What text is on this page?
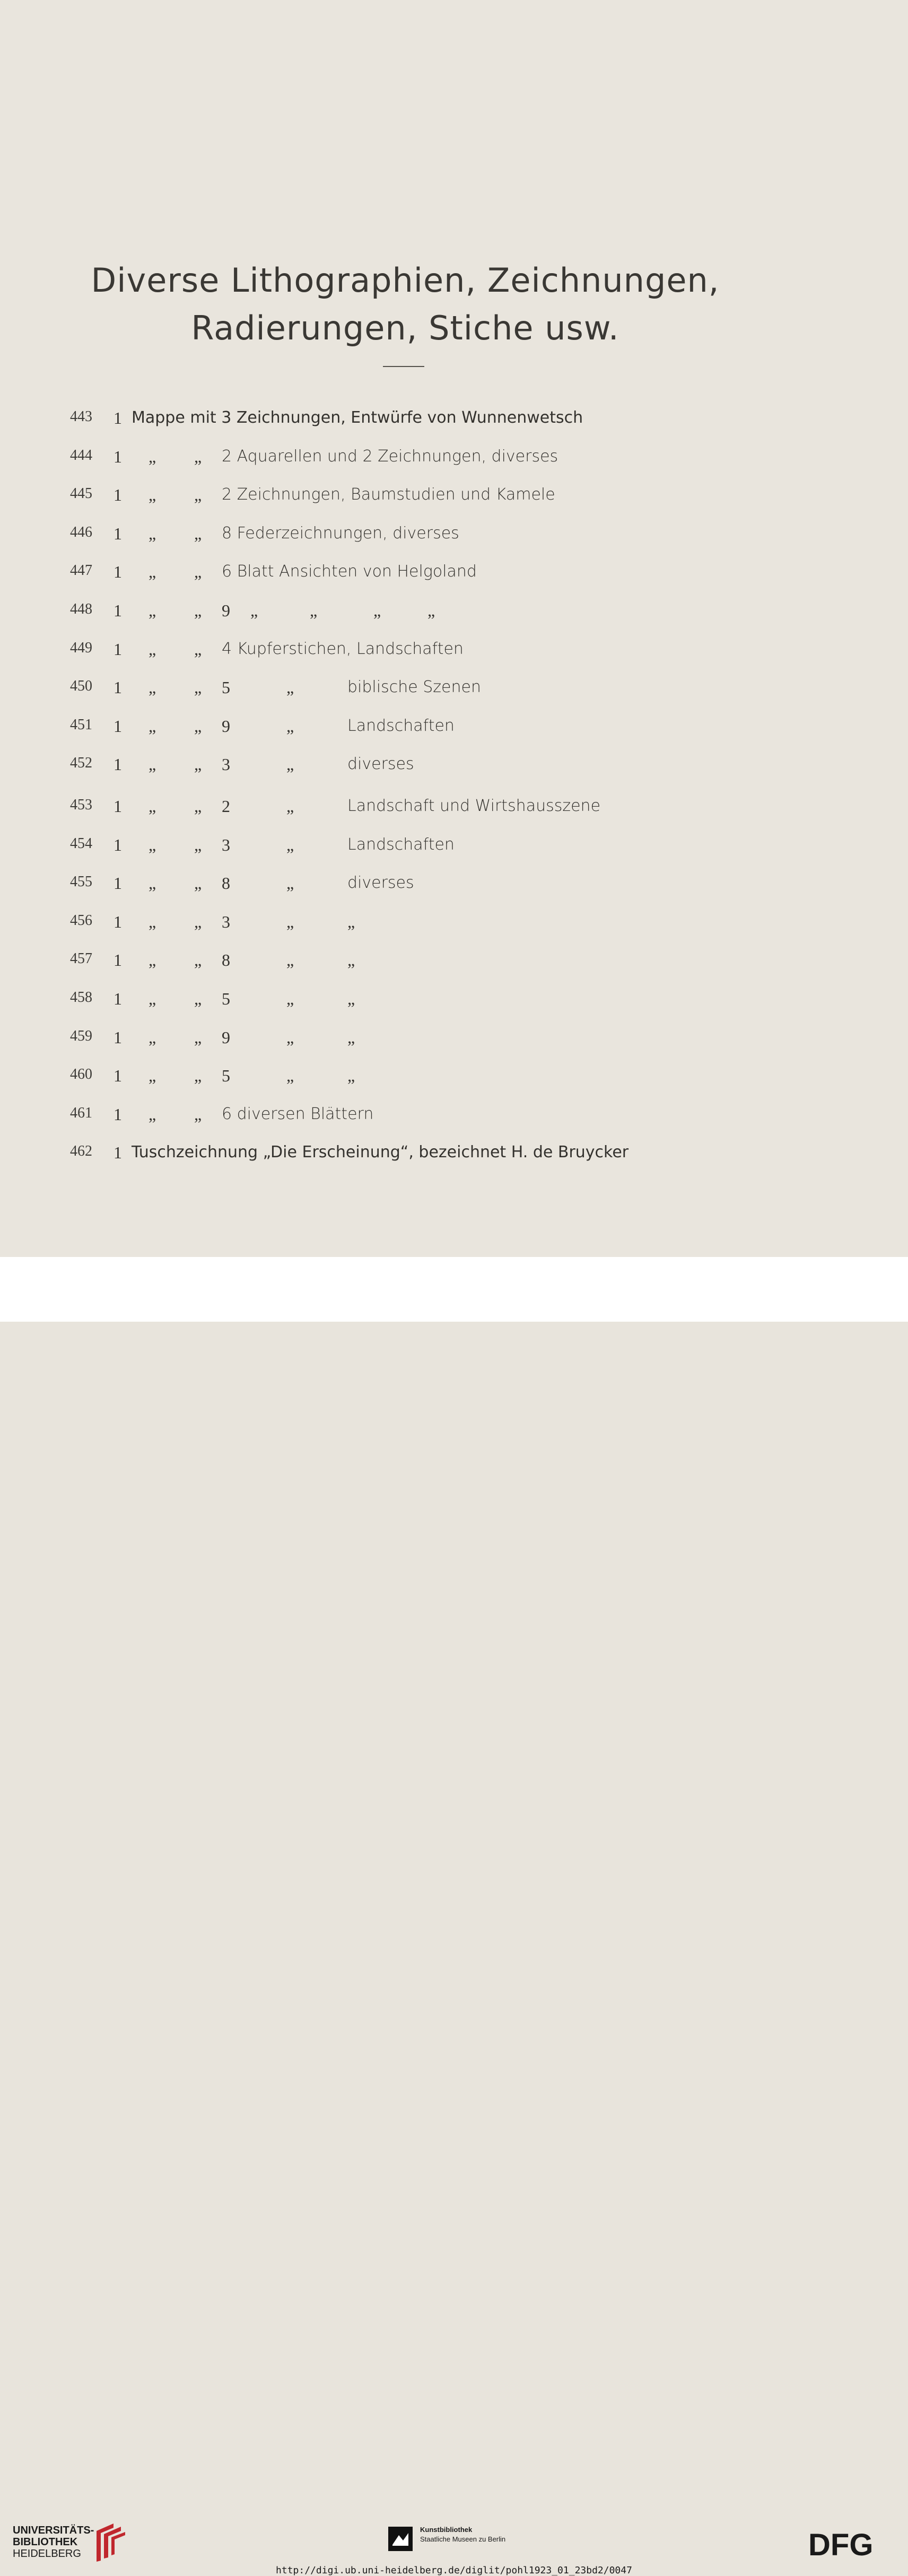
Diverse Lithographien, Zeichnungen,
Radierungen, Stiche usw.
443 1 Mappe mit 3 Zeichnungen, Entwürfe von Wunnenwetsch
444 1 „ „ 2 Aquarellen und 2 Zeichnungen, diverses
445 1 „ „ 2 Zeichnungen, Baumstudien und Kamele
446 1 „ „ 8 Federzeichnungen, diverses
447 1 „ „ 6 Blatt Ansichten von Helgoland
448 1 „ „ 9 „	„	„	„
449 1 „ „ 4 Kupferstichen, Landschaften
450 1 „ „ 5	„	biblische Szenen
451 1 „ „ 9	„	Landschaften
452 1 „ „ 3	„	diverses
453 1 „ „ 2	„	Landschaft und Wirtshausszene
454 1 „ „ 3	„	Landschaften
455 1 „ „ 8	„	diverses
456 1 „ „ 3	„	„
457 1 „ „ 8	„	„
458 1 „ „ 5	„	„
459 1 „ „ 9	„	„
460 1 „ „ 5	„	„
461 1 „ „ 6 diversen Blättern
462 1 Tuschzeichnung „Die Erscheinung“, bezeichnet H. de Bruycker
UNIVERSITÄTS-
BIBLIOTHEK
HEIDELBERG
Kunstbibliothek
Staatliche Museen zu Berlin	DFG
http://digi.ub.uni-heidelberg.de/diglit/pohl1923_01_23bd2/0047
